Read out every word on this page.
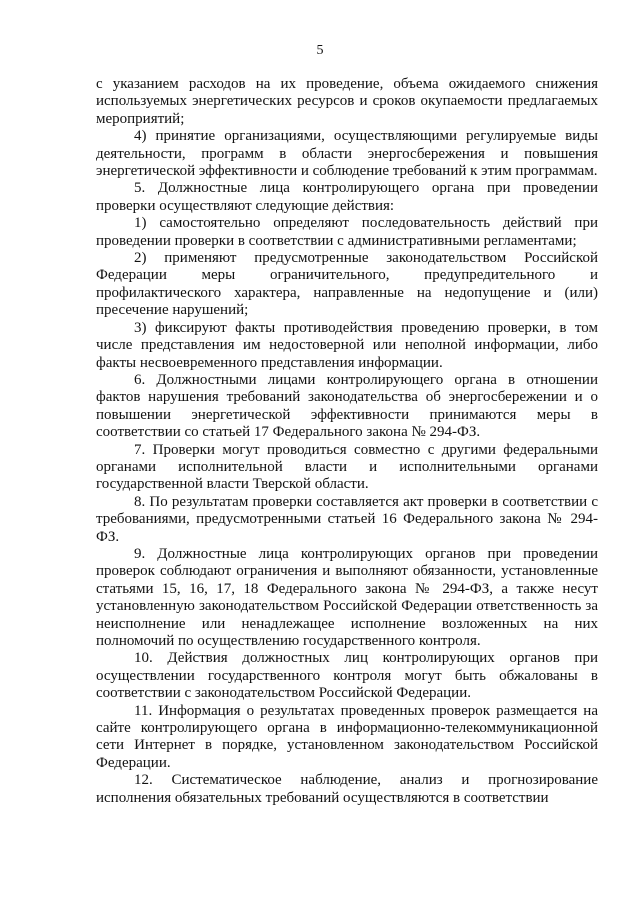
5

с указанием расходов на их проведение, объема ожидаемого снижения используемых энергетических ресурсов и сроков окупаемости предлагаемых мероприятий;

4) принятие организациями, осуществляющими регулируемые виды деятельности, программ в области энергосбережения и повышения энергетической эффективности и соблюдение требований к этим программам.

5. Должностные лица контролирующего органа при проведении проверки осуществляют следующие действия:

1) самостоятельно определяют последовательность действий при проведении проверки в соответствии с административными регламентами;

2) применяют предусмотренные законодательством Российской Федерации меры ограничительного, предупредительного и профилактического характера, направленные на недопущение и (или) пресечение нарушений;

3) фиксируют факты противодействия проведению проверки, в том числе представления им недостоверной или неполной информации, либо факты несвоевременного представления информации.

6. Должностными лицами контролирующего органа в отношении фактов нарушения требований законодательства об энергосбережении и о повышении энергетической эффективности принимаются меры в соответствии со статьей 17 Федерального закона № 294-ФЗ.

7. Проверки могут проводиться совместно с другими федеральными органами исполнительной власти и исполнительными органами государственной власти Тверской области.

8. По результатам проверки составляется акт проверки в соответствии с требованиями, предусмотренными статьей 16 Федерального закона № 294-ФЗ.

9. Должностные лица контролирующих органов при проведении проверок соблюдают ограничения и выполняют обязанности, установленные статьями 15, 16, 17, 18 Федерального закона № 294-ФЗ, а также несут установленную законодательством Российской Федерации ответственность за неисполнение или ненадлежащее исполнение возложенных на них полномочий по осуществлению государственного контроля.

10. Действия должностных лиц контролирующих органов при осуществлении государственного контроля могут быть обжалованы в соответствии с законодательством Российской Федерации.

11. Информация о результатах проведенных проверок размещается на сайте контролирующего органа в информационно-телекоммуникационной сети Интернет в порядке, установленном законодательством Российской Федерации.

12. Систематическое наблюдение, анализ и прогнозирование исполнения обязательных требований осуществляются в соответствии
